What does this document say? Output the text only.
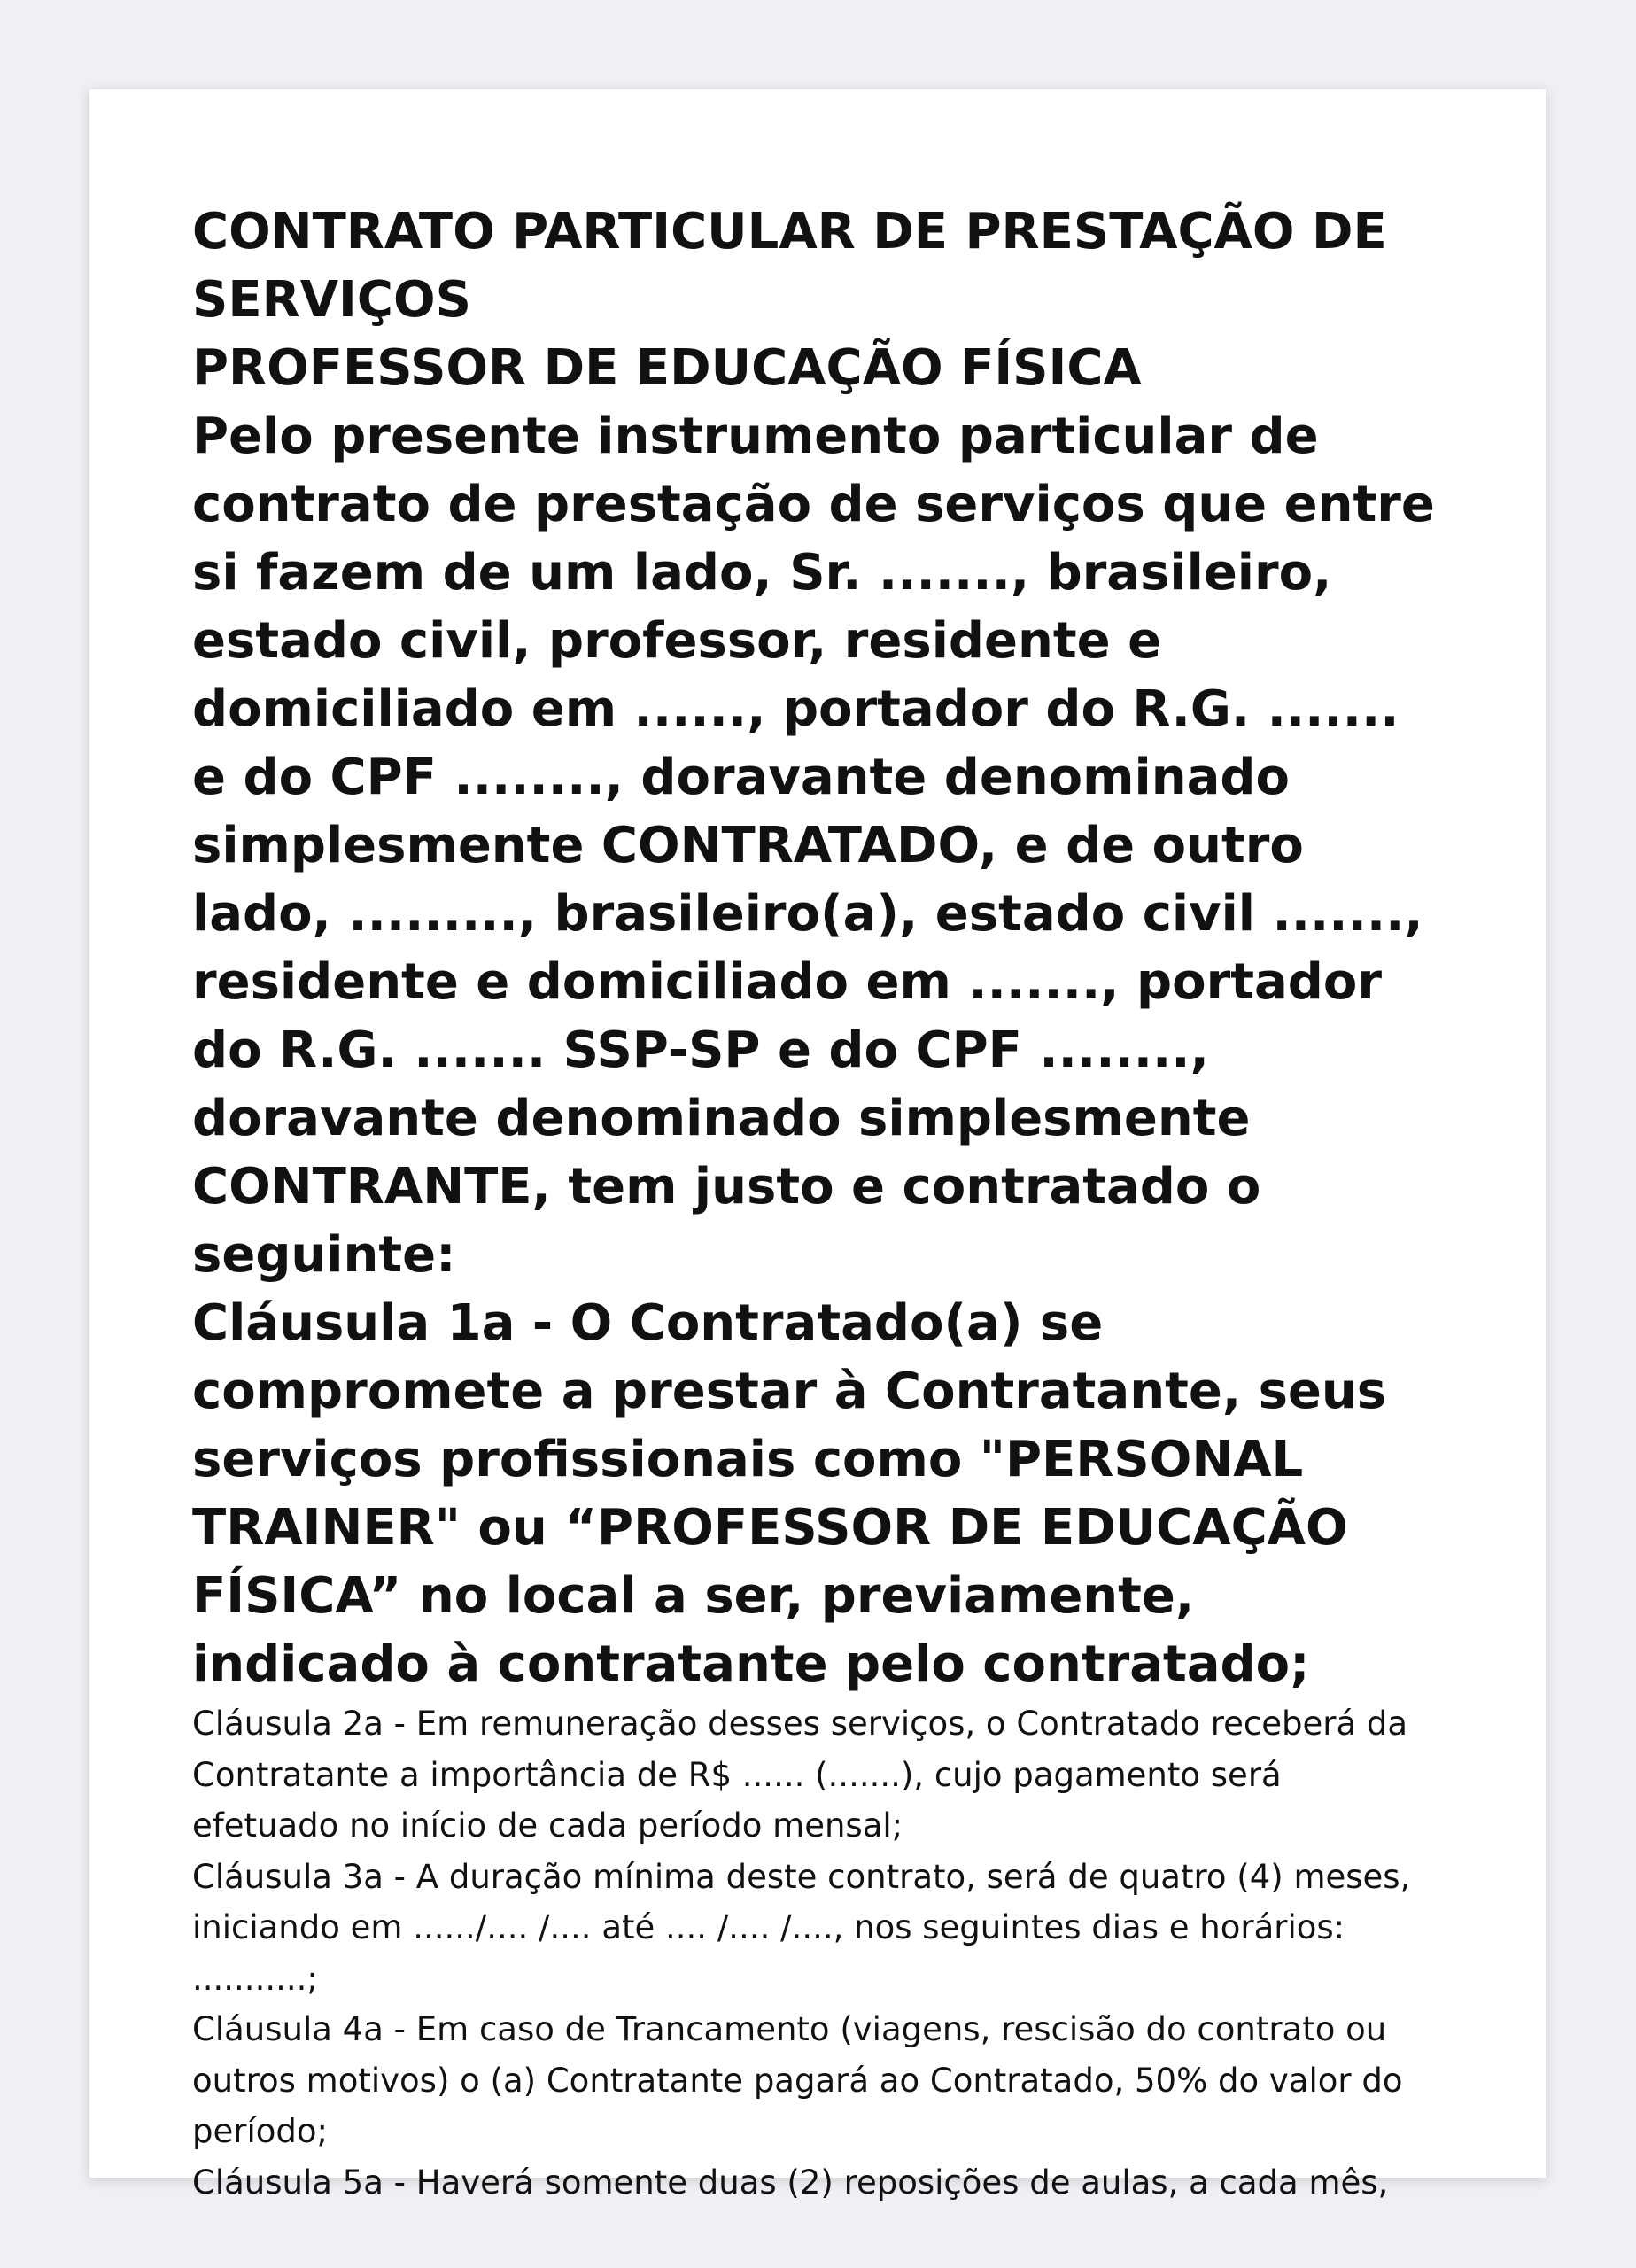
CONTRATO PARTICULAR DE PRESTAÇÃO DE
SERVIÇOS
PROFESSOR DE EDUCAÇÃO FÍSICA
Pelo presente instrumento particular de
contrato de prestação de serviços que entre
si fazem de um lado, Sr. ......., brasileiro,
estado civil, professor, residente e
domiciliado em ......, portador do R.G. .......
e do CPF ........, doravante denominado
simplesmente CONTRATADO, e de outro
lado, ........., brasileiro(a), estado civil .......,
residente e domiciliado em ......., portador
do R.G. ....... SSP-SP e do CPF ........,
doravante denominado simplesmente
CONTRANTE, tem justo e contratado o
seguinte:
Cláusula 1a - O Contratado(a) se
compromete a prestar à Contratante, seus
serviços profissionais como "PERSONAL
TRAINER" ou “PROFESSOR DE EDUCAÇÃO
FÍSICA” no local a ser, previamente,
indicado à contratante pelo contratado;
Cláusula 2a - Em remuneração desses serviços, o Contratado receberá da
Contratante a importância de R$ ...... (.......), cujo pagamento será
efetuado no início de cada período mensal;
Cláusula 3a - A duração mínima deste contrato, será de quatro (4) meses,
iniciando em ....../.... /.... até .... /.... /...., nos seguintes dias e horários:
...........;
Cláusula 4a - Em caso de Trancamento (viagens, rescisão do contrato ou
outros motivos) o (a) Contratante pagará ao Contratado, 50% do valor do
período;
Cláusula 5a - Haverá somente duas (2) reposições de aulas, a cada mês,
